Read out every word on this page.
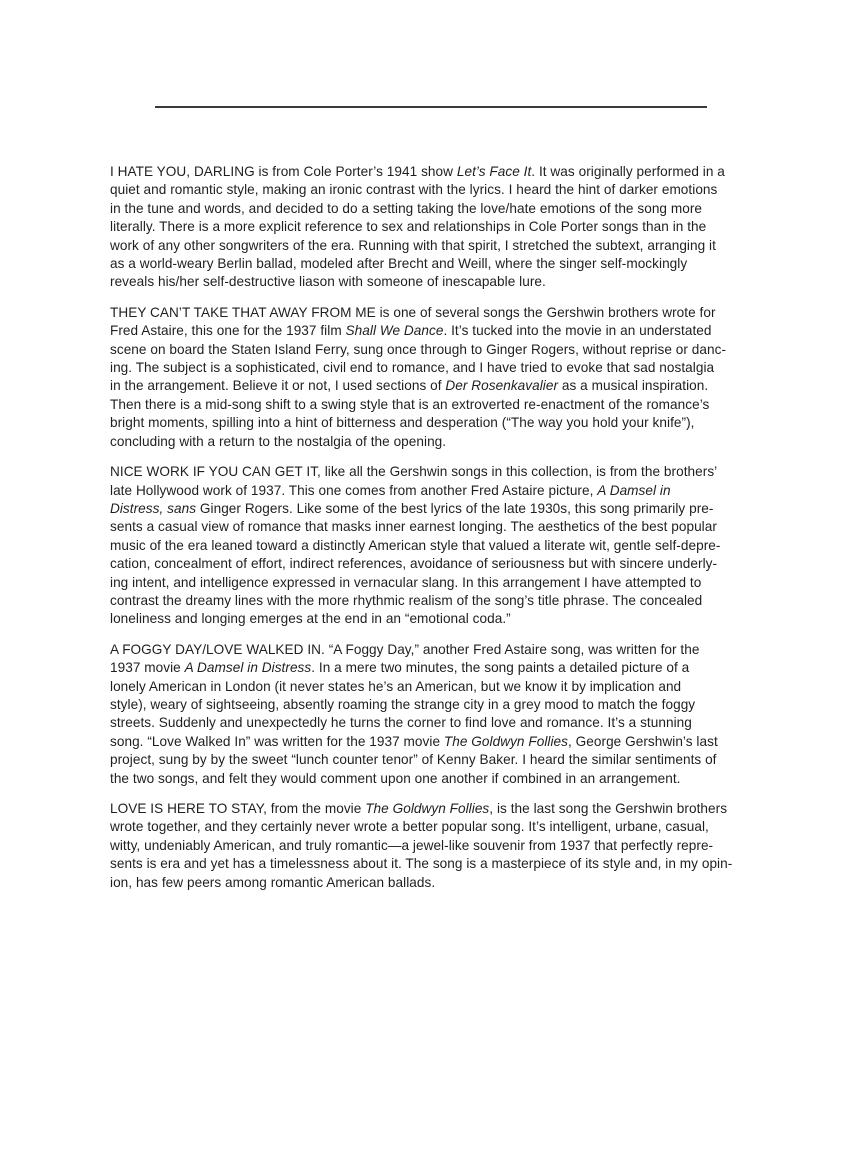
I HATE YOU, DARLING is from Cole Porter’s 1941 show Let’s Face It. It was originally performed in a
quiet and romantic style, making an ironic contrast with the lyrics. I heard the hint of darker emotions
in the tune and words, and decided to do a setting taking the love/hate emotions of the song more
literally. There is a more explicit reference to sex and relationships in Cole Porter songs than in the
work of any other songwriters of the era. Running with that spirit, I stretched the subtext, arranging it
as a world-weary Berlin ballad, modeled after Brecht and Weill, where the singer self-mockingly
reveals his/her self-destructive liason with someone of inescapable lure.

THEY CAN’T TAKE THAT AWAY FROM ME is one of several songs the Gershwin brothers wrote for
Fred Astaire, this one for the 1937 film Shall We Dance. It’s tucked into the movie in an understated
scene on board the Staten Island Ferry, sung once through to Ginger Rogers, without reprise or danc-
ing. The subject is a sophisticated, civil end to romance, and I have tried to evoke that sad nostalgia
in the arrangement. Believe it or not, I used sections of Der Rosenkavalier as a musical inspiration.
Then there is a mid-song shift to a swing style that is an extroverted re-enactment of the romance’s
bright moments, spilling into a hint of bitterness and desperation (“The way you hold your knife”),
concluding with a return to the nostalgia of the opening.

NICE WORK IF YOU CAN GET IT, like all the Gershwin songs in this collection, is from the brothers’
late Hollywood work of 1937. This one comes from another Fred Astaire picture, A Damsel in
Distress, sans Ginger Rogers. Like some of the best lyrics of the late 1930s, this song primarily pre-
sents a casual view of romance that masks inner earnest longing. The aesthetics of the best popular
music of the era leaned toward a distinctly American style that valued a literate wit, gentle self-depre-
cation, concealment of effort, indirect references, avoidance of seriousness but with sincere underly-
ing intent, and intelligence expressed in vernacular slang. In this arrangement I have attempted to
contrast the dreamy lines with the more rhythmic realism of the song’s title phrase. The concealed
loneliness and longing emerges at the end in an “emotional coda.”

A FOGGY DAY/LOVE WALKED IN. “A Foggy Day,” another Fred Astaire song, was written for the
1937 movie A Damsel in Distress. In a mere two minutes, the song paints a detailed picture of a
lonely American in London (it never states he’s an American, but we know it by implication and
style), weary of sightseeing, absently roaming the strange city in a grey mood to match the foggy
streets. Suddenly and unexpectedly he turns the corner to find love and romance. It’s a stunning
song. “Love Walked In” was written for the 1937 movie The Goldwyn Follies, George Gershwin’s last
project, sung by by the sweet “lunch counter tenor” of Kenny Baker. I heard the similar sentiments of
the two songs, and felt they would comment upon one another if combined in an arrangement.

LOVE IS HERE TO STAY, from the movie The Goldwyn Follies, is the last song the Gershwin brothers
wrote together, and they certainly never wrote a better popular song. It’s intelligent, urbane, casual,
witty, undeniably American, and truly romantic—a jewel-like souvenir from 1937 that perfectly repre-
sents is era and yet has a timelessness about it. The song is a masterpiece of its style and, in my opin-
ion, has few peers among romantic American ballads.
